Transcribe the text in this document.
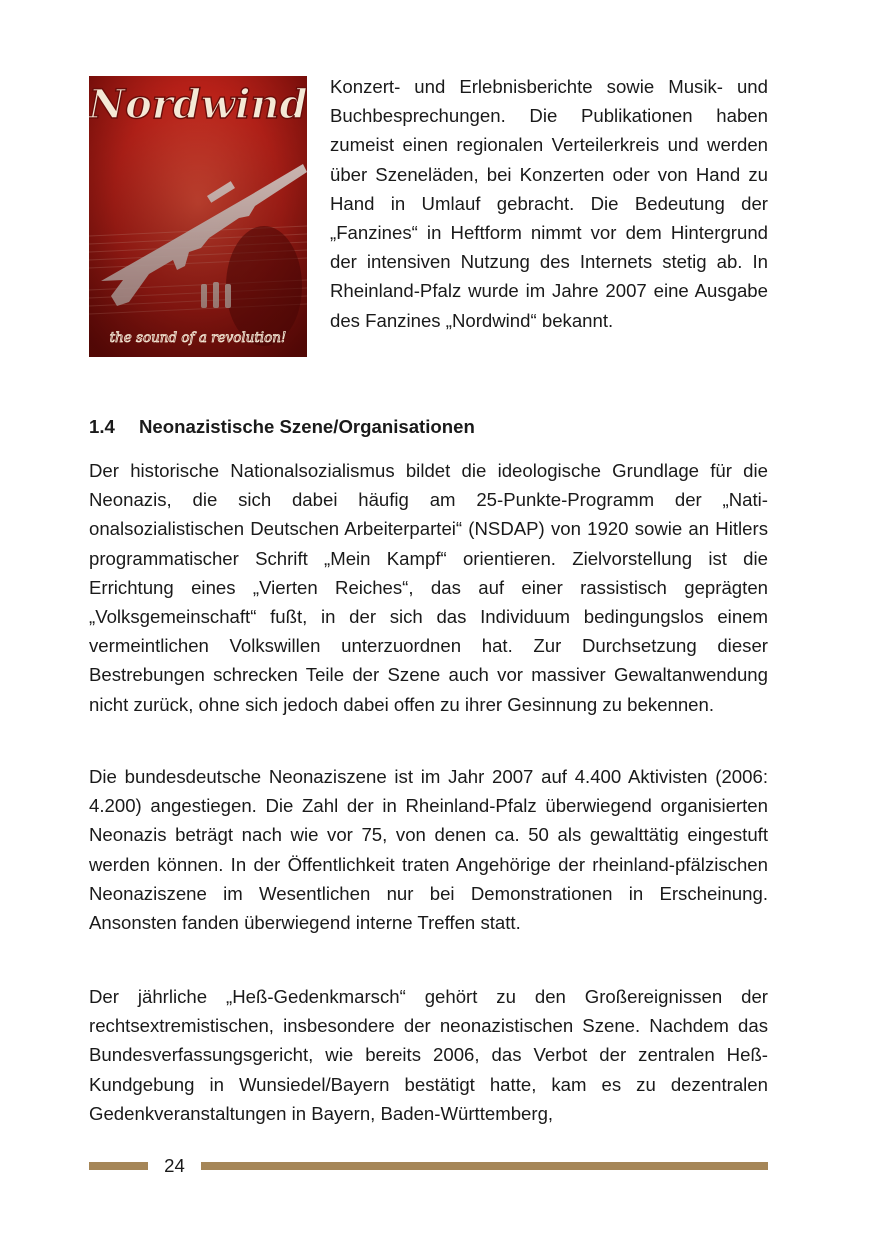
Nordwind
the sound of a revolution!

Konzert- und Erlebnisberichte sowie Musik- und Buchbesprechungen. Die Publikationen haben zumeist einen regionalen Verteilerkreis und werden über Szeneläden, bei Konzerten oder von Hand zu Hand in Umlauf gebracht. Die Bedeutung der „Fanzines“ in Heftform nimmt vor dem Hintergrund der intensiven Nutzung des Internets stetig ab. In Rheinland-Pfalz wurde im Jahre 2007 eine Ausgabe des Fanzines „Nordwind“ bekannt.

1.4 Neonazistische Szene/Organisationen

Der historische Nationalsozialismus bildet die ideologische Grundlage für die Neonazis, die sich dabei häufig am 25-Punkte-Programm der „Nationalsozialistischen Deutschen Arbeiterpartei“ (NSDAP) von 1920 sowie an Hitlers programmatischer Schrift „Mein Kampf“ orientieren. Zielvorstellung ist die Errichtung eines „Vierten Reiches“, das auf einer rassistisch geprägten „Volksgemeinschaft“ fußt, in der sich das Individuum bedingungslos einem vermeintlichen Volkswillen unterzuordnen hat. Zur Durchsetzung dieser Bestrebungen schrecken Teile der Szene auch vor massiver Gewaltanwendung nicht zurück, ohne sich jedoch dabei offen zu ihrer Gesinnung zu bekennen.

Die bundesdeutsche Neonaziszene ist im Jahr 2007 auf 4.400 Aktivisten (2006: 4.200) angestiegen. Die Zahl der in Rheinland-Pfalz überwiegend organisierten Neonazis beträgt nach wie vor 75, von denen ca. 50 als gewalttätig eingestuft werden können. In der Öffentlichkeit traten Angehörige der rheinland-pfälzischen Neonaziszene im Wesentlichen nur bei Demonstrationen in Erscheinung. Ansonsten fanden überwiegend interne Treffen statt.

Der jährliche „Heß-Gedenkmarsch“ gehört zu den Großereignissen der rechtsextremistischen, insbesondere der neonazistischen Szene. Nachdem das Bundesverfassungsgericht, wie bereits 2006, das Verbot der zentralen Heß-Kundgebung in Wunsiedel/Bayern bestätigt hatte, kam es zu dezentralen Gedenkveranstaltungen in Bayern, Baden-Württemberg,

24
